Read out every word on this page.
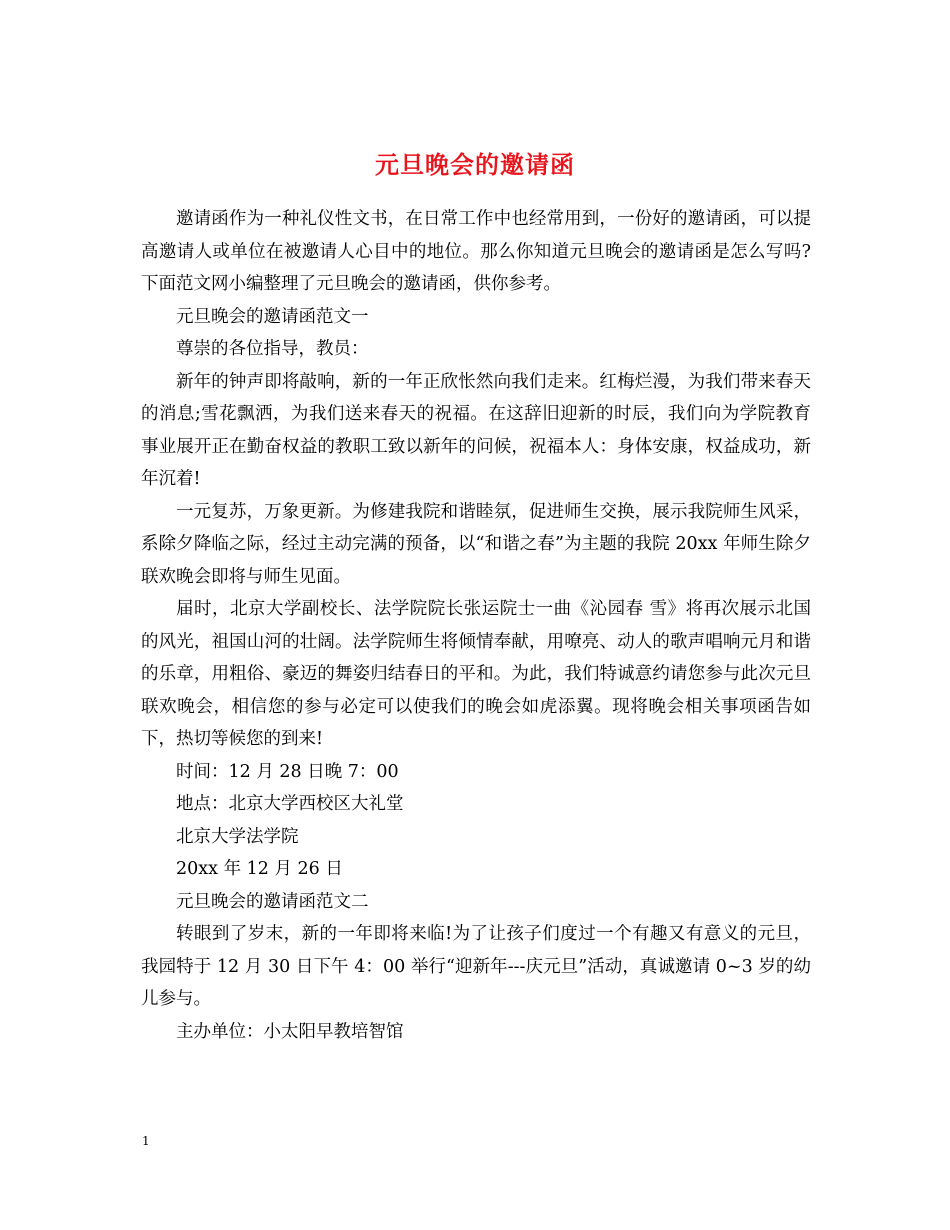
元旦晚会的邀请函

邀请函作为一种礼仪性文书，在日常工作中也经常用到，一份好的邀请函，可以提高邀请人或单位在被邀请人心目中的地位。那么你知道元旦晚会的邀请函是怎么写吗?下面范文网小编整理了元旦晚会的邀请函，供你参考。

元旦晚会的邀请函范文一

尊崇的各位指导，教员：

新年的钟声即将敲响，新的一年正欣怅然向我们走来。红梅烂漫，为我们带来春天的消息;雪花飘洒，为我们送来春天的祝福。在这辞旧迎新的时辰，我们向为学院教育事业展开正在勤奋权益的教职工致以新年的问候，祝福本人：身体安康，权益成功，新年沉着!

一元复苏，万象更新。为修建我院和谐睦氛，促进师生交换，展示我院师生风采，系除夕降临之际，经过主动完满的预备，以“和谐之春”为主题的我院 20xx 年师生除夕联欢晚会即将与师生见面。

届时，北京大学副校长、法学院院长张运院士一曲《沁园春 雪》将再次展示北国的风光，祖国山河的壮阔。法学院师生将倾情奉献，用嘹亮、动人的歌声唱响元月和谐的乐章，用粗俗、豪迈的舞姿归结春日的平和。为此，我们特诚意约请您参与此次元旦联欢晚会，相信您的参与必定可以使我们的晚会如虎添翼。现将晚会相关事项函告如下，热切等候您的到来!

时间：12 月 28 日晚 7：00

地点：北京大学西校区大礼堂

北京大学法学院

20xx 年 12 月 26 日

元旦晚会的邀请函范文二

转眼到了岁末，新的一年即将来临!为了让孩子们度过一个有趣又有意义的元旦，我园特于 12 月 30 日下午 4：00 举行“迎新年---庆元旦”活动，真诚邀请 0~3 岁的幼儿参与。

主办单位：小太阳早教培智馆

1
